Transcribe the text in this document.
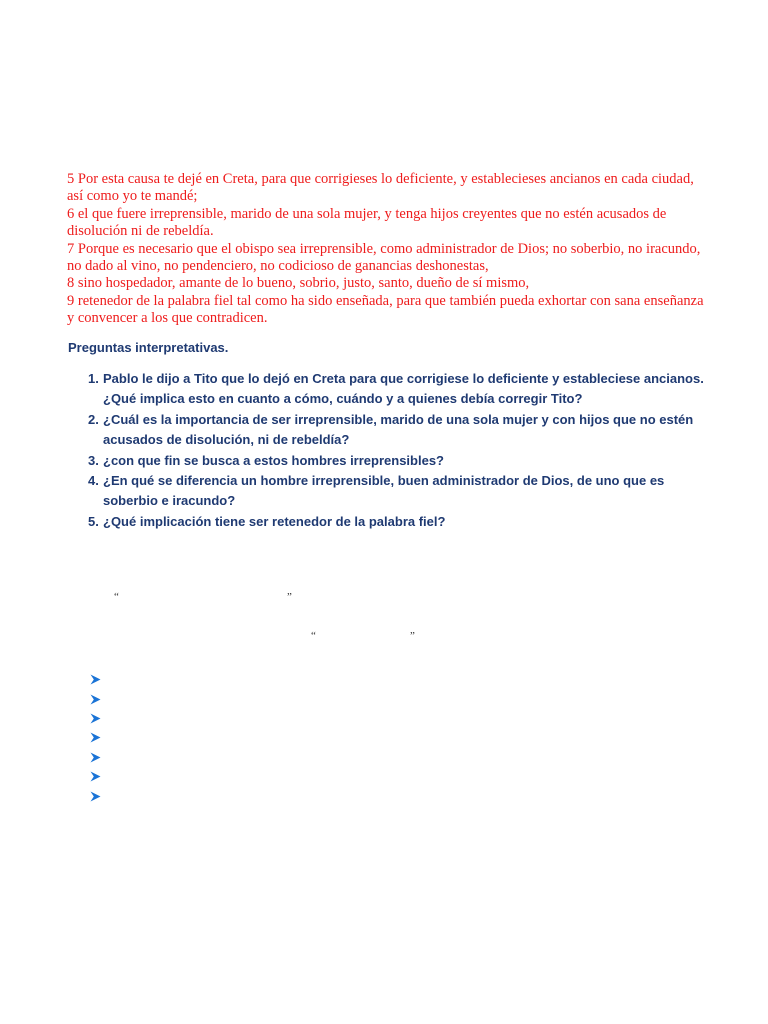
5 Por esta causa te dejé en Creta, para que corrigieses lo deficiente, y establecieses ancianos en cada ciudad, así como yo te mandé;

6 el que fuere irreprensible, marido de una sola mujer, y tenga hijos creyentes que no estén acusados de disolución ni de rebeldía.

7 Porque es necesario que el obispo sea irreprensible, como administrador de Dios; no soberbio, no iracundo, no dado al vino, no pendenciero, no codicioso de ganancias deshonestas,

8 sino hospedador, amante de lo bueno, sobrio, justo, santo, dueño de sí mismo,

9 retenedor de la palabra fiel tal como ha sido enseñada, para que también pueda exhortar con sana enseñanza y convencer a los que contradicen.

Preguntas interpretativas.

1. Pablo le dijo a Tito que lo dejó en Creta para que corrigiese lo deficiente y estableciese ancianos. ¿Qué implica esto en cuanto a cómo, cuándo y a quienes debía corregir Tito?
2. ¿Cuál es la importancia de ser irreprensible, marido de una sola mujer y con hijos que no estén acusados de disolución, ni de rebeldía?
3. ¿con que fin se busca a estos hombres irreprensibles?
4. ¿En qué se diferencia un hombre irreprensible, buen administrador de Dios, de uno que es soberbio e iracundo?
5. ¿Qué implicación tiene ser retenedor de la palabra fiel?
“	”
“	”
